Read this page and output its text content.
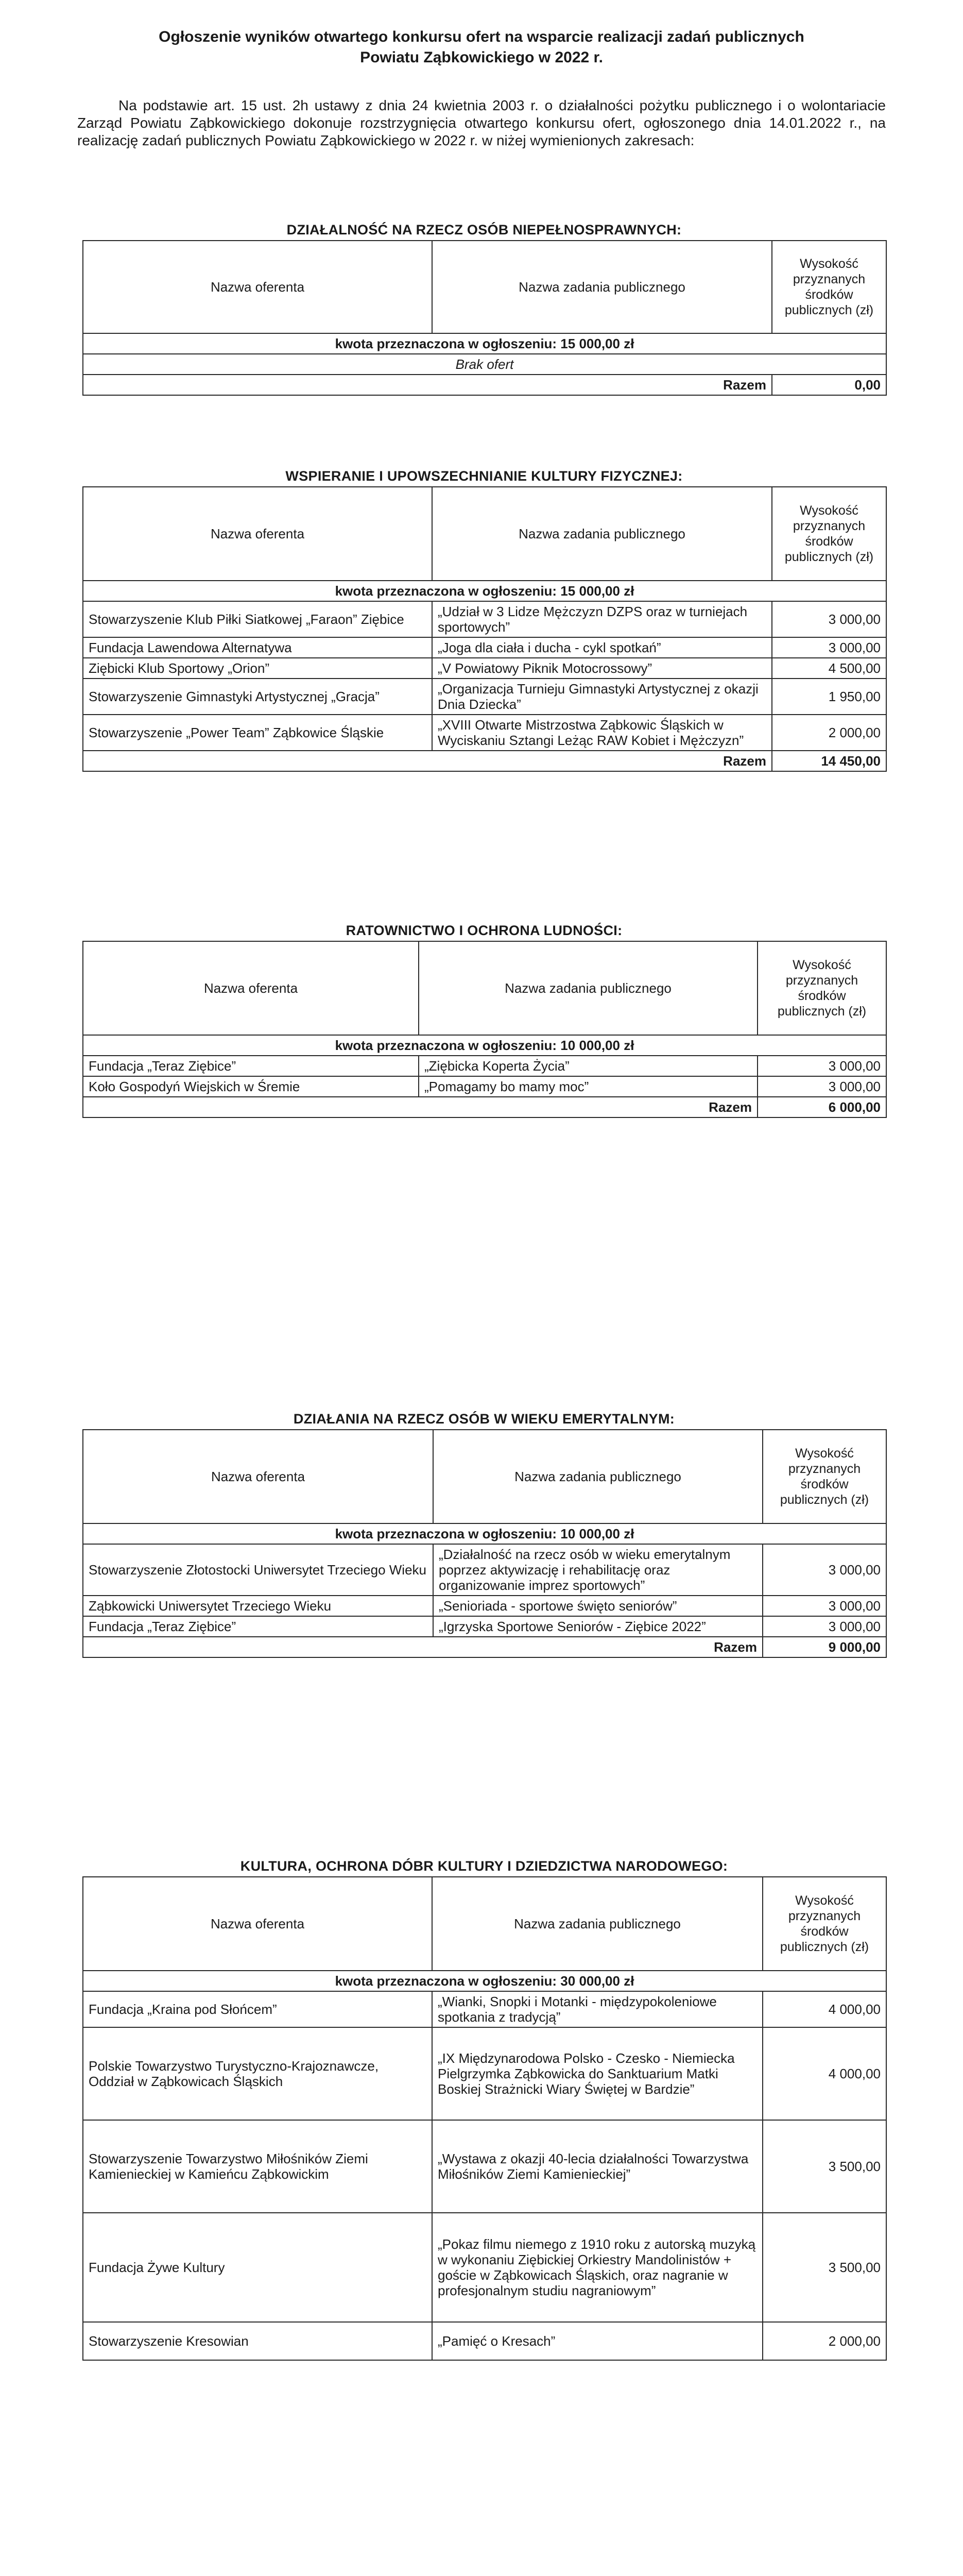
Ogłoszenie wyników otwartego konkursu ofert na wsparcie realizacji zadań publicznych
Powiatu Ząbkowickiego w 2022 r.
Na podstawie art. 15 ust. 2h ustawy z dnia 24 kwietnia 2003 r. o działalności pożytku publicznego i o wolontariacie Zarząd Powiatu Ząbkowickiego dokonuje rozstrzygnięcia otwartego konkursu ofert, ogłoszonego dnia 14.01.2022 r., na realizację zadań publicznych Powiatu Ząbkowickiego w 2022 r. w niżej wymienionych zakresach:
DZIAŁALNOŚĆ NA RZECZ OSÓB NIEPEŁNOSPRAWNYCH:
Nazwa oferenta	Nazwa zadania publicznego	Wysokość przyznanych środków publicznych (zł)
kwota przeznaczona w ogłoszeniu: 15 000,00 zł		
Brak ofert		
Razem		0,00
WSPIERANIE I UPOWSZECHNIANIE KULTURY FIZYCZNEJ:
Nazwa oferenta	Nazwa zadania publicznego	Wysokość przyznanych środków publicznych (zł)
kwota przeznaczona w ogłoszeniu: 15 000,00 zł		
Stowarzyszenie Klub Piłki Siatkowej „Faraon” Ziębice	„Udział w 3 Lidze Mężczyzn DZPS oraz w turniejach sportowych”	3 000,00
Fundacja Lawendowa Alternatywa	„Joga dla ciała i ducha - cykl spotkań”	3 000,00
Ziębicki Klub Sportowy „Orion”	„V Powiatowy Piknik Motocrossowy”	4 500,00
Stowarzyszenie Gimnastyki Artystycznej „Gracja”	„Organizacja Turnieju Gimnastyki Artystycznej z okazji Dnia Dziecka”	1 950,00
Stowarzyszenie „Power Team” Ząbkowice Śląskie	„XVIII Otwarte Mistrzostwa Ząbkowic Śląskich w Wyciskaniu Sztangi Leżąc RAW Kobiet i Mężczyzn”	2 000,00
Razem		14 450,00
RATOWNICTWO I OCHRONA LUDNOŚCI:
Nazwa oferenta	Nazwa zadania publicznego	Wysokość przyznanych środków publicznych (zł)
kwota przeznaczona w ogłoszeniu: 10 000,00 zł		
Fundacja „Teraz Ziębice”	„Ziębicka Koperta Życia”	3 000,00
Koło Gospodyń Wiejskich w Śremie	„Pomagamy bo mamy moc”	3 000,00
Razem		6 000,00
DZIAŁANIA NA RZECZ OSÓB W WIEKU EMERYTALNYM:
Nazwa oferenta	Nazwa zadania publicznego	Wysokość przyznanych środków publicznych (zł)
kwota przeznaczona w ogłoszeniu: 10 000,00 zł		
Stowarzyszenie Złotostocki Uniwersytet Trzeciego Wieku	„Działalność na rzecz osób w wieku emerytalnym poprzez aktywizację i rehabilitację oraz organizowanie imprez sportowych”	3 000,00
Ząbkowicki Uniwersytet Trzeciego Wieku	„Senioriada - sportowe święto seniorów”	3 000,00
Fundacja „Teraz Ziębice”	„Igrzyska Sportowe Seniorów - Ziębice 2022”	3 000,00
Razem		9 000,00
KULTURA, OCHRONA DÓBR KULTURY I DZIEDZICTWA NARODOWEGO:
Nazwa oferenta	Nazwa zadania publicznego	Wysokość przyznanych środków publicznych (zł)
kwota przeznaczona w ogłoszeniu: 30 000,00 zł		
Fundacja „Kraina pod Słońcem”	„Wianki, Snopki i Motanki - międzypokoleniowe spotkania z tradycją”	4 000,00
Polskie Towarzystwo Turystyczno-Krajoznawcze, Oddział w Ząbkowicach Śląskich	„IX Międzynarodowa Polsko - Czesko - Niemiecka Pielgrzymka Ząbkowicka do Sanktuarium Matki Boskiej Strażnicki Wiary Świętej w Bardzie”	4 000,00
Stowarzyszenie Towarzystwo Miłośników Ziemi Kamienieckiej w Kamieńcu Ząbkowickim	„Wystawa z okazji 40-lecia działalności Towarzystwa Miłośników Ziemi Kamienieckiej”	3 500,00
Fundacja Żywe Kultury	„Pokaz filmu niemego z 1910 roku z autorską muzyką w wykonaniu Ziębickiej Orkiestry Mandolinistów + goście w Ząbkowicach Śląskich, oraz nagranie w profesjonalnym studiu nagraniowym”	3 500,00
Stowarzyszenie Kresowian	„Pamięć o Kresach”	2 000,00
